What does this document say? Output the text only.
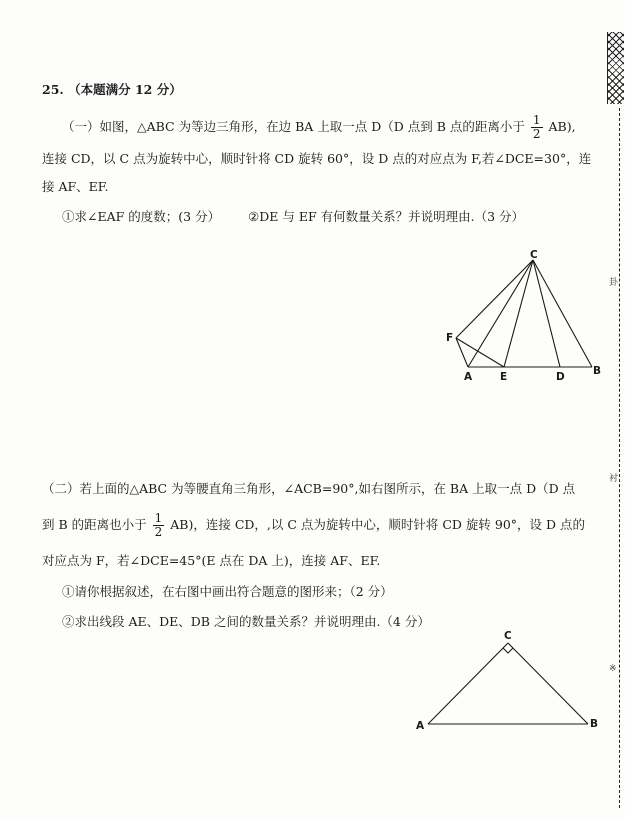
25. （本题满分 12 分）
（一）如图，△ABC 为等边三角形，在边 BA 上取一点 D（D 点到 B 点的距离小于 $\frac{1}{2} AB$),
连接 CD，以 C 点为旋转中心，顺时针将 CD 旋转 60°，设 D 点的对应点为 F,若∠DCE=30°，连
接 AF、EF.
①求∠EAF 的度数；(3 分） ②DE 与 EF 有何数量关系？并说明理由.（3 分）
C
F
A	E	D	B
（二）若上面的△ABC 为等腰直角三角形，∠ACB=90°,如右图所示，在 BA 上取一点 D（D 点
到 B 的距离也小于 $\frac{1}{2} AB$)，连接 CD，,以 C 点为旋转中心，顺时针将 CD 旋转 90°，设 D 点的
对应点为 F，若∠DCE=45°(E 点在 DA 上)，连接 AF、EF.
①请你根据叙述，在右图中画出符合题意的图形来；（2 分）
②求出线段 AE、DE、DB 之间的数量关系？并说明理由.（4 分）
C
A	B
卦
衬
※
